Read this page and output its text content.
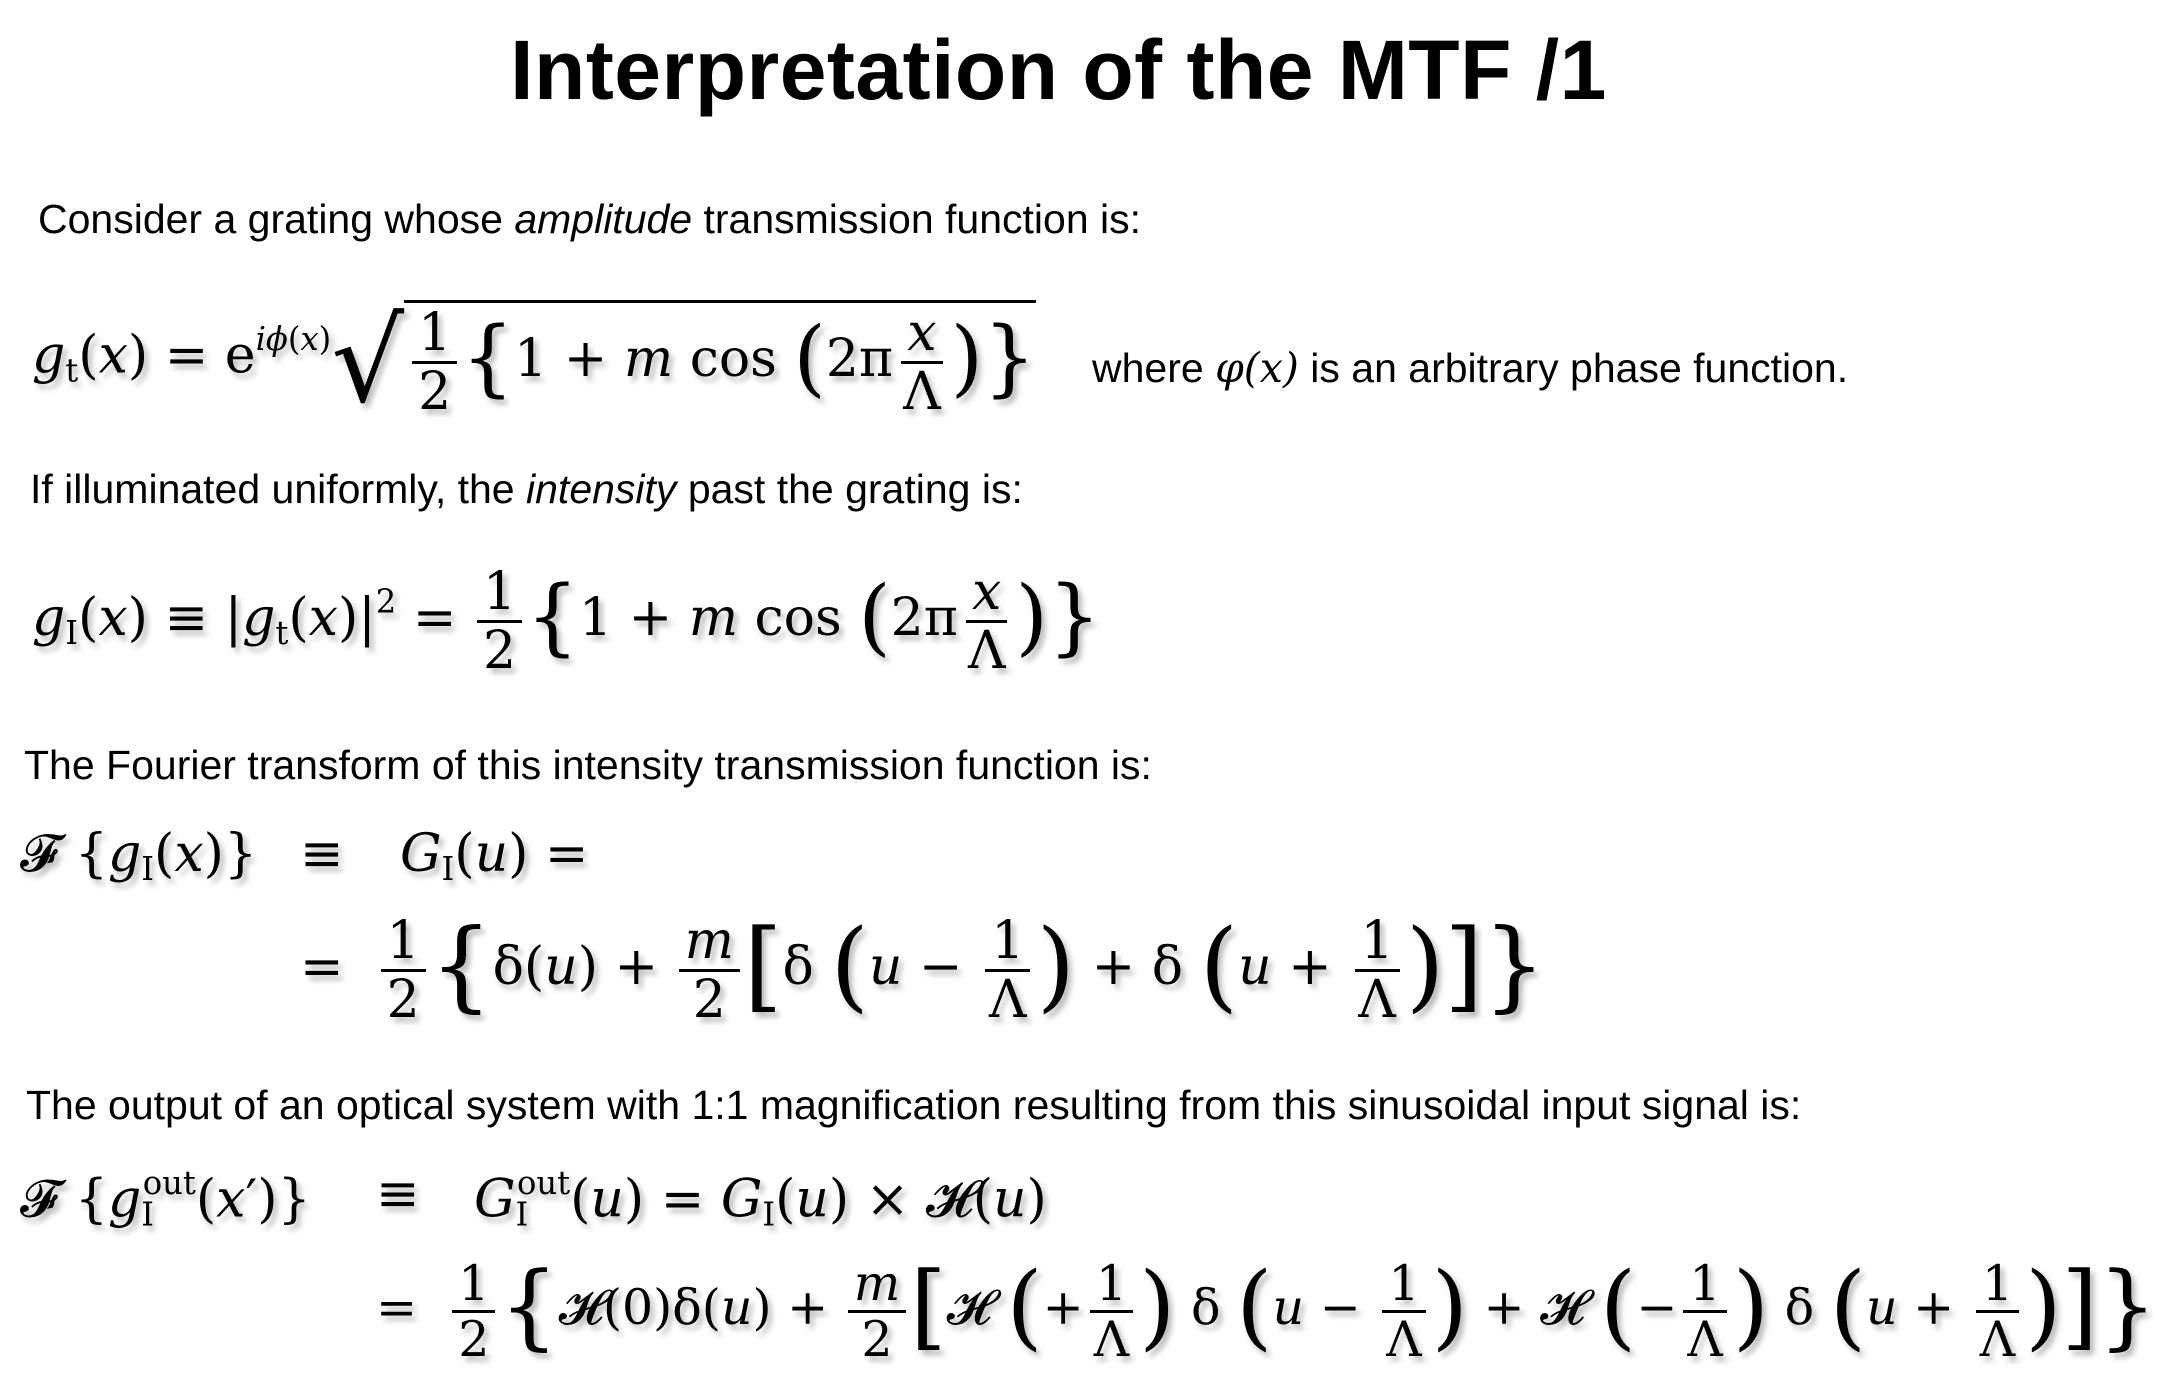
Interpretation of the MTF /1
Consider a grating whose amplitude transmission function is:
$g_t(x) = e^{i\phi(x)}√ \frac{1}{2} \{1 + m$ $\cos (2\pi \frac{x}{\Lambda}$ )} where φ(x) is an arbitrary phase function.
If illuminated uniformly, the intensity past the grating is:
$g_I(x) \equiv |g_t(x)|^2 = \frac{1}{2} \{1 + m$ $\cos (2\pi \frac{x}{\Lambda}$ )}
The Fourier transform of this intensity transmission function is:
𝓕 $\{g_I(x)\} \equiv G_I(u)$ =
= $\frac{1}{2} \{\delta(u) + \frac{m}{2} [\delta$ ($u - \frac{1}{\Lambda}$ ) + δ ($u + \frac{1}{\Lambda}$ )]}
The output of an optical system with 1:1 magnification resulting from this sinusoidal input signal is:
𝓕 $\{g_I^{out}(x')\} \equiv G_I^{out}(u) = G_I(u)$ × 𝓗(u)
= $\frac{1}{2}$ {𝓗(0)δ(u) + $\frac{m}{2}$ [𝓗 (+ $\frac{1}{\Lambda}$ ) δ ($u - \frac{1}{\Lambda}$ ) + 𝓗 (− $\frac{1}{\Lambda}$ ) δ ($u + \frac{1}{\Lambda}$ )]}
